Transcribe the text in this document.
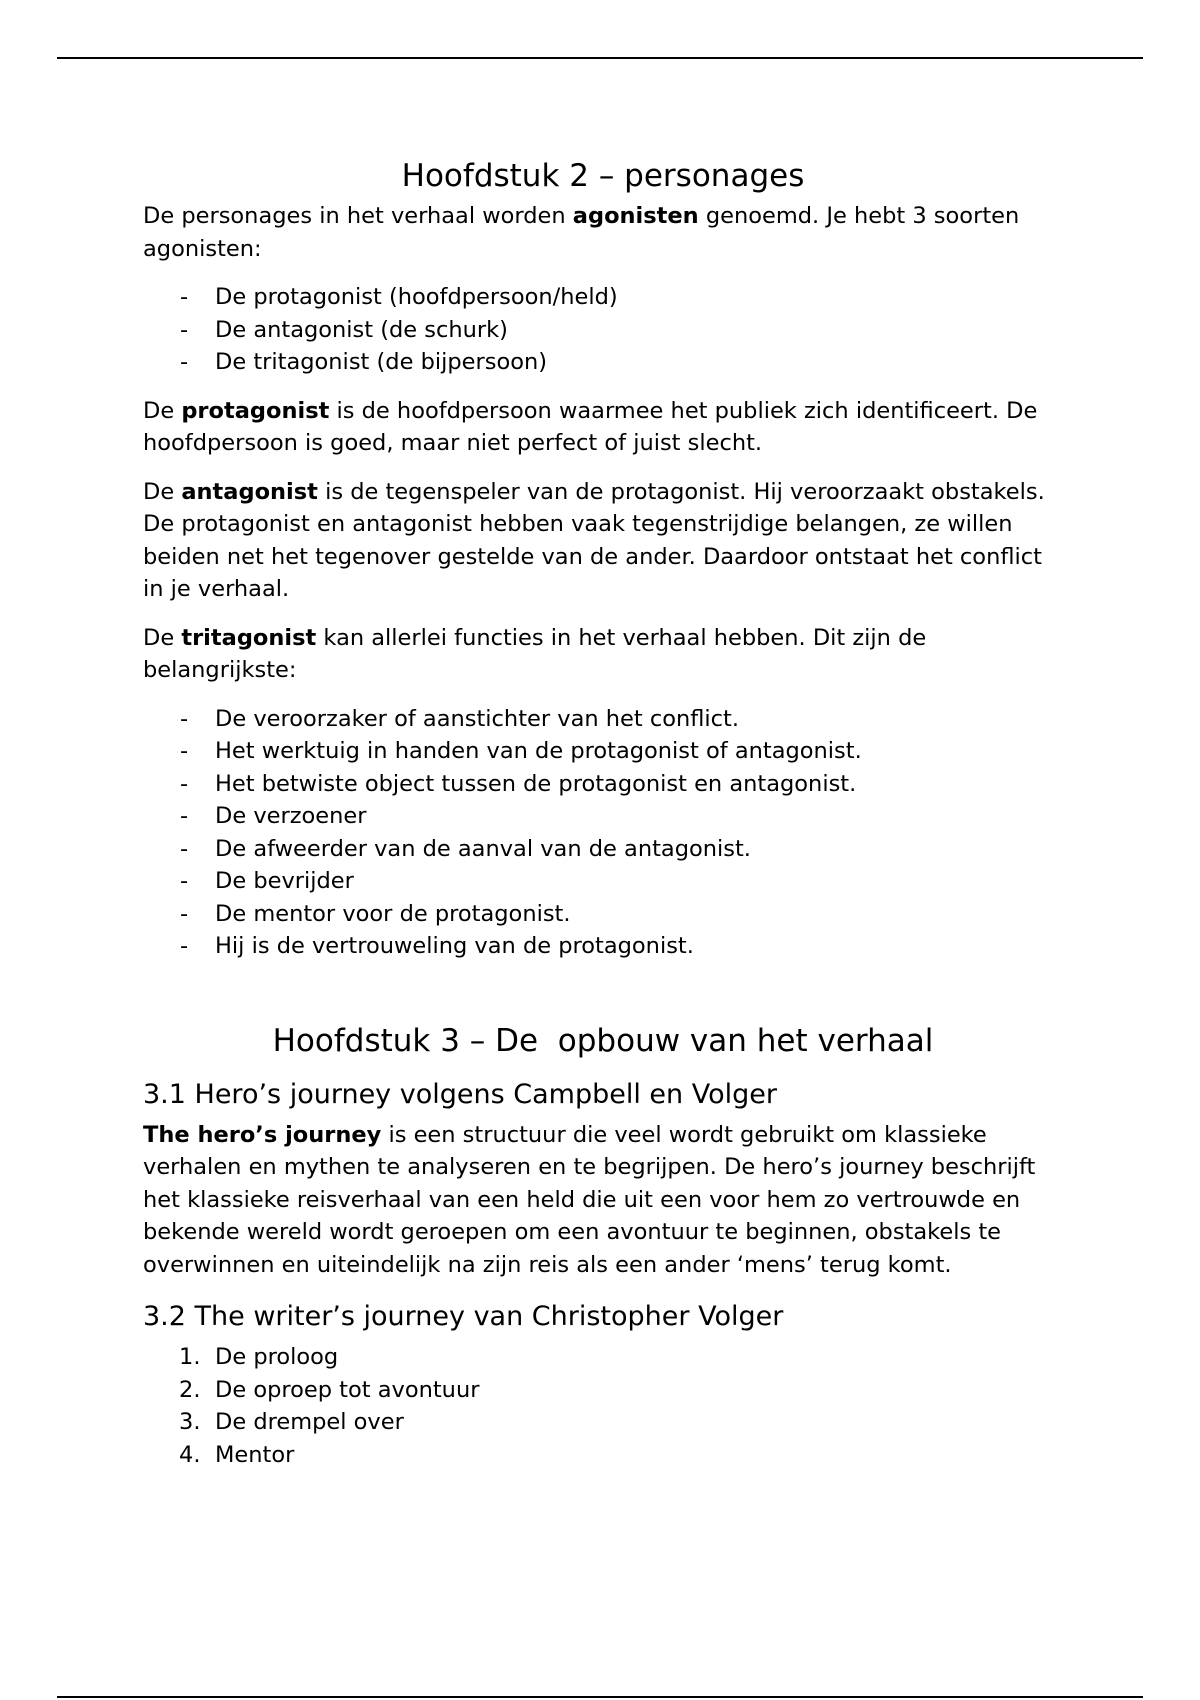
Hoofdstuk 2 – personages

De personages in het verhaal worden agonisten genoemd. Je hebt 3 soorten agonisten:

- De protagonist (hoofdpersoon/held)
- De antagonist (de schurk)
- De tritagonist (de bijpersoon)

De protagonist is de hoofdpersoon waarmee het publiek zich identificeert. De hoofdpersoon is goed, maar niet perfect of juist slecht.

De antagonist is de tegenspeler van de protagonist. Hij veroorzaakt obstakels. De protagonist en antagonist hebben vaak tegenstrijdige belangen, ze willen beiden net het tegenover gestelde van de ander. Daardoor ontstaat het conflict in je verhaal.

De tritagonist kan allerlei functies in het verhaal hebben. Dit zijn de belangrijkste:

- De veroorzaker of aanstichter van het conflict.
- Het werktuig in handen van de protagonist of antagonist.
- Het betwiste object tussen de protagonist en antagonist.
- De verzoener
- De afweerder van de aanval van de antagonist.
- De bevrijder
- De mentor voor de protagonist.
- Hij is de vertrouweling van de protagonist.
Hoofdstuk 3 – De  opbouw van het verhaal
3.1 Hero’s journey volgens Campbell en Volger

The hero’s journey is een structuur die veel wordt gebruikt om klassieke verhalen en mythen te analyseren en te begrijpen. De hero’s journey beschrijft het klassieke reisverhaal van een held die uit een voor hem zo vertrouwde en bekende wereld wordt geroepen om een avontuur te beginnen, obstakels te overwinnen en uiteindelijk na zijn reis als een ander ‘mens’ terug komt.

3.2 The writer’s journey van Christopher Volger
1. De proloog
2. De oproep tot avontuur
3. De drempel over
4. Mentor
